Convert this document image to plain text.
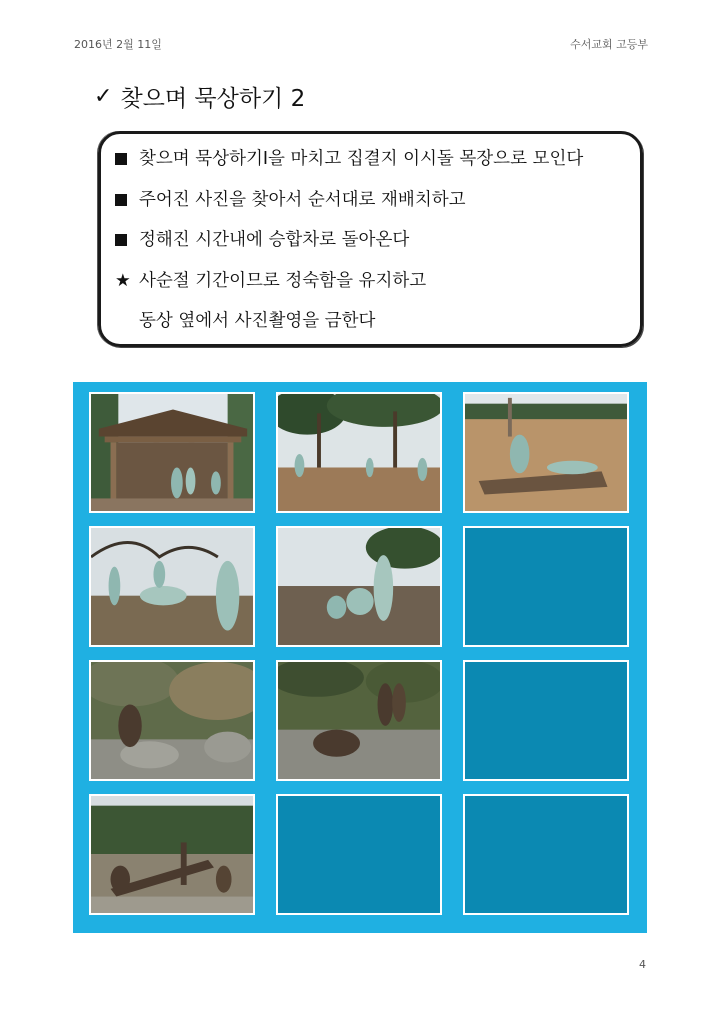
2016년 2월 11일	수서교회 고등부
✓ 찾으며 묵상하기 2
찾으며 묵상하기I을 마치고 집결지 이시돌 목장으로 모인다
주어진 사진을 찾아서 순서대로 재배치하고
정해진 시간내에 승합차로 돌아온다
★ 사순절 기간이므로 정숙함을 유지하고
동상 옆에서 사진촬영을 금한다
4
